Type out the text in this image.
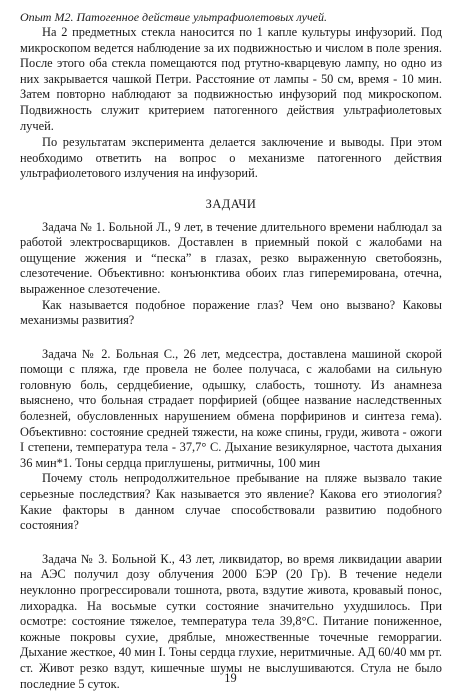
Опыт М2. Патогенное действие ультрафиолетовых лучей.

На 2 предметных стекла наносится по 1 капле культуры инфузорий. Под микроскопом ведется наблюдение за их подвижностью и числом в поле зрения. После этого оба стекла помещаются под ртутно-кварцевую лампу, но одно из них закрывается чашкой Петри. Расстояние от лампы - 50 см, время - 10 мин. Затем повторно наблюдают за подвижностью инфузорий под микроскопом. Подвижность служит критерием патогенного действия ультрафиолетовых лучей.

По результатам эксперимента делается заключение и выводы. При этом необходимо ответить на вопрос о механизме патогенного действия ультрафиолетового излучения на инфузорий.

ЗАДАЧИ

Задача № 1. Больной Л., 9 лет, в течение длительного времени наблюдал за работой электросварщиков. Доставлен в приемный покой с жалобами на ощущение жжения и “песка” в глазах, резко выраженную светобоязнь, слезотечение. Объективно: конъюнктива обоих глаз гиперемирована, отечна, выраженное слезотечение.

Как называется подобное поражение глаз? Чем оно вызвано? Каковы механизмы развития?

Задача № 2. Больная С., 26 лет, медсестра, доставлена машиной скорой помощи с пляжа, где провела не более получаса, с жалобами на сильную головную боль, сердцебиение, одышку, слабость, тошноту. Из анамнеза выяснено, что больная страдает порфирией (общее название наследственных болезней, обусловленных нарушением обмена порфиринов и синтеза гема). Объективно: состояние средней тяжести, на коже спины, груди, живота - ожоги I степени, температура тела - 37,7° С. Дыхание везикулярное, частота дыхания 36 мин*1. Тоны сердца приглушены, ритмичны, 100 мин

Почему столь непродолжительное пребывание на пляже вызвало такие серьезные последствия? Как называется это явление? Какова его этиология? Какие факторы в данном случае способствовали развитию подобного состояния?

Задача № 3. Больной К., 43 лет, ликвидатор, во время ликвидации аварии на АЭС получил дозу облучения 2000 БЭР (20 Гр). В течение недели неуклонно прогрессировали тошнота, рвота, вздутие живота, кровавый понос, лихорадка. На восьмые сутки состояние значительно ухудшилось. При осмотре: состояние тяжелое, температура тела 39,8°С. Питание пониженное, кожные покровы сухие, дряблые, множественные точечные геморрагии. Дыхание жесткое, 40 мин I. Тоны сердца глухие, неритмичные. АД 60/40 мм рт. ст. Живот резко вздут, кишечные шумы не выслушиваются. Стула не было последние 5 суток.	19
